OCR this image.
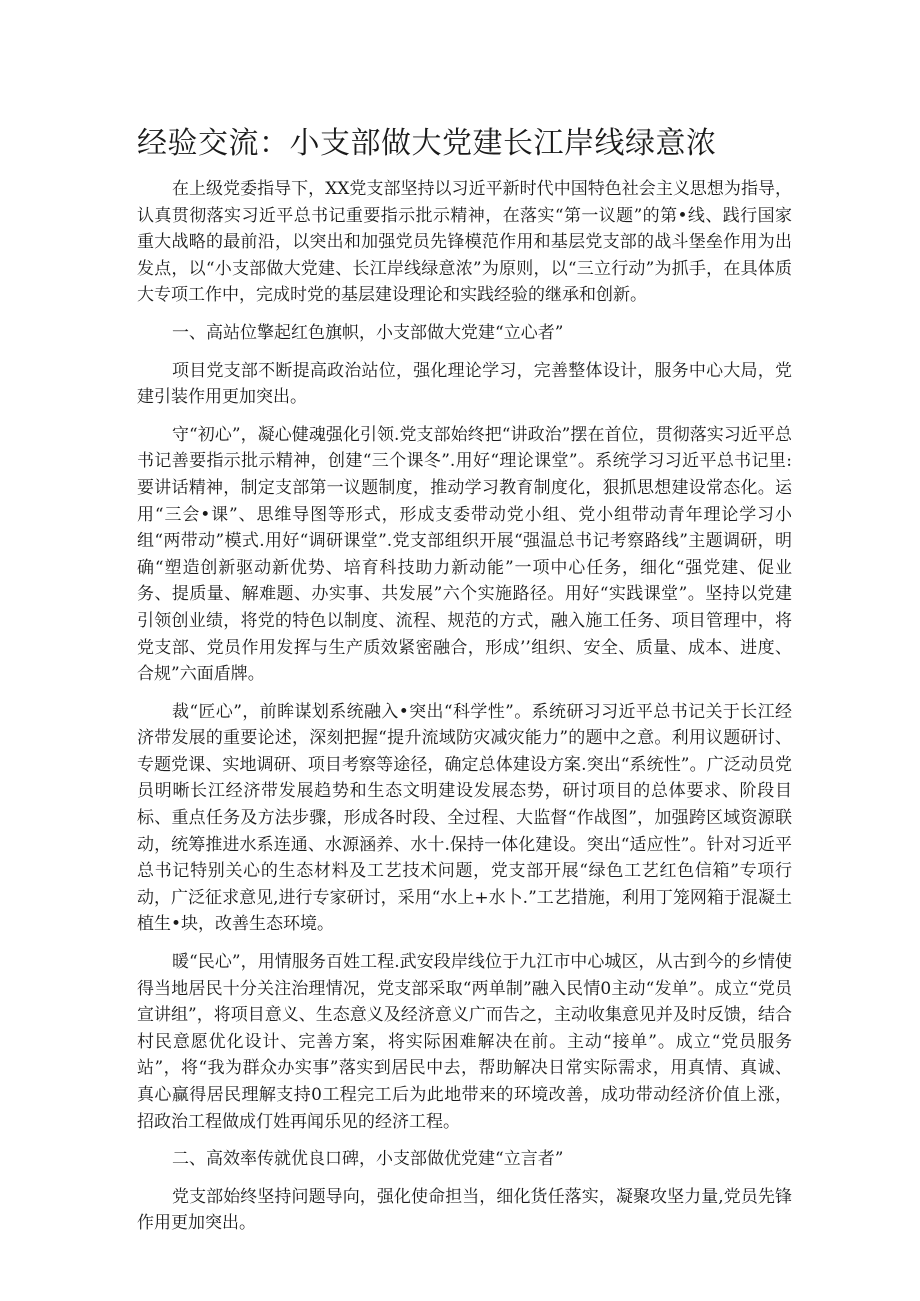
经验交流：小支部做大党建长江岸线绿意浓

在上级党委指导下，XX党支部坚持以习近平新时代中国特色社会主义思想为指导，认真贯彻落实习近平总书记重要指示批示精神，在落实“第一议题”的第•线、践行国家重大战略的最前沿，以突出和加强党员先锋模范作用和基层党支部的战斗堡垒作用为出发点，以“小支部做大党建、长江岸线绿意浓”为原则，以“三立行动”为抓手，在具体质大专项工作中，完成时党的基层建设理论和实践经验的继承和创新。

一、高站位擎起红色旗帜，小支部做大党建“立心者”

项目党支部不断提高政治站位，强化理论学习，完善整体设计，服务中心大局，党建引装作用更加突出。

守“初心”，凝心健魂强化引领.党支部始终把“讲政治”摆在首位，贯彻落实习近平总书记善要指示批示精神，创建“三个课冬”.用好“理论课堂”。系统学习习近平总书记里:要讲话精神，制定支部第一议题制度，推动学习教育制度化，狠抓思想建设常态化。运用“三会•课”、思维导图等形式，形成支委带动党小组、党小组带动青年理论学习小组“两带动”模式.用好“调研课堂”.党支部组织开展“强温总书记考察路线”主题调研，明确“塑造创新驱动新优势、培育科技助力新动能”一项中心任务，细化“强党建、促业务、提质量、解难题、办实事、共发展”六个实施路径。用好“实践课堂”。坚持以党建引领创业绩，将党的特色以制度、流程、规范的方式，融入施工任务、项目管理中，将党支部、党员作用发挥与生产质效紧密融合，形成’’组织、安全、质量、成本、进度、合规”六面盾牌。

裁“匠心”，前眸谋划系统融入•突出“科学性”。系统研习习近平总书记关于长江经济带发展的重要论述，深刻把握“提升流域防灾减灾能力”的题中之意。利用议题研讨、专题党课、实地调研、项目考察等途径，确定总体建设方案.突出“系统性”。广泛动员党员明晰长江经济带发展趋势和生态文明建设发展态势，研讨项目的总体要求、阶段目标、重点任务及方法步骤，形成各时段、全过程、大监督“作战图”，加强跨区域资源联动，统筹推进水系连通、水源涵养、水十.保持一体化建设。突出“适应性”。针对习近平总书记特别关心的生态材料及工艺技术问题，党支部开展“绿色工艺红色信箱”专项行动，广泛征求意见,进行专家研讨，采用“水上+水卜.”工艺措施，利用丁笼网箱于混凝土植生•块，改善生态环境。

暖“民心”，用情服务百姓工程.武安段岸线位于九江市中心城区，从古到今的乡情使得当地居民十分关注治理情况，党支部采取“两单制”融入民情0主动“发单”。成立“党员宣讲组”，将项目意义、生态意义及经济意义广而告之，主动收集意见并及时反馈，结合村民意愿优化设计、完善方案，将实际困难解决在前。主动“接单”。成立“党员服务站”，将“我为群众办实事”落实到居民中去，帮助解决日常实际需求，用真情、真诚、真心赢得居民理解支持0工程完工后为此地带来的环境改善，成功带动经济价值上涨，招政治工程做成仃姓再闻乐见的经济工程。

二、高效率传就优良口碑，小支部做优党建“立言者”

党支部始终坚持问题导向，强化使命担当，细化货任落实，凝聚攻坚力量,党员先锋作用更加突出。
